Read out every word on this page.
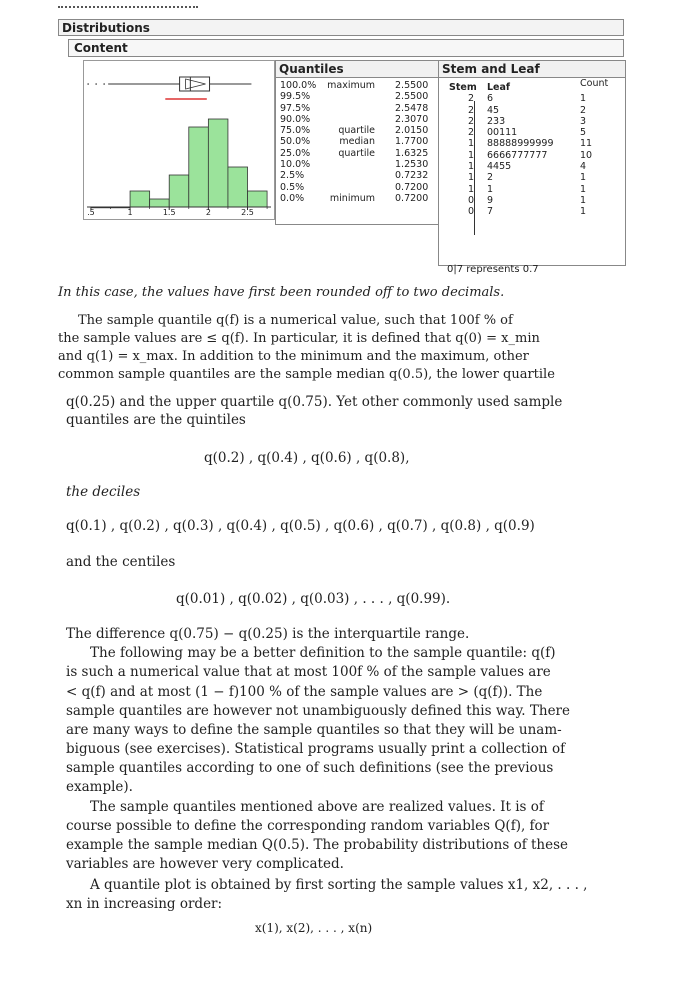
Distributions
Content
.5	1	1.5	2	2.5
Quantiles
100.0%	maximum 2.5500
99.5%	2.5500
97.5%	2.5478
90.0%	2.3070
75.0%	quartile 2.0150
50.0%	median 1.7700
25.0%	quartile 1.6325
10.0%	1.2530
2.5%	0.7232
0.5%	0.7200
0.0%	minimum 0.7200
Stem and Leaf
Stem Leaf	Count
2 6	1
2 45	2
2 233	3
2 00111	5
1 88888999999	11
1 6666777777	10
1 4455	4
1 2	1
1 1	1
0 9	1
0 7	1
0|7 represents 0.7
In this case, the values have first been rounded off to two decimals.
The sample quantile q(f) is a numerical value, such that 100f % of
the sample values are ≤ q(f). In particular, it is defined that q(0) = x_min
and q(1) = x_max. In addition to the minimum and the maximum, other
common sample quantiles are the sample median q(0.5), the lower quartile
q(0.25) and the upper quartile q(0.75). Yet other commonly used sample
quantiles are the quintiles
q(0.2) , q(0.4) , q(0.6) , q(0.8),
the deciles
q(0.1) , q(0.2) , q(0.3) , q(0.4) , q(0.5) , q(0.6) , q(0.7) , q(0.8) , q(0.9)
and the centiles
q(0.01) , q(0.02) , q(0.03) , . . . , q(0.99).
The difference q(0.75) − q(0.25) is the interquartile range.
The following may be a better definition to the sample quantile: q(f)
is such a numerical value that at most 100f % of the sample values are
< q(f) and at most (1 − f)100 % of the sample values are > (q(f)). The
sample quantiles are however not unambiguously defined this way. There
are many ways to define the sample quantiles so that they will be unam-
biguous (see exercises). Statistical programs usually print a collection of
sample quantiles according to one of such definitions (see the previous
example).
The sample quantiles mentioned above are realized values. It is of
course possible to define the corresponding random variables Q(f), for
example the sample median Q(0.5). The probability distributions of these
variables are however very complicated.
A quantile plot is obtained by first sorting the sample values x1, x2, . . . ,
xn in increasing order:
x(1), x(2), . . . , x(n)
